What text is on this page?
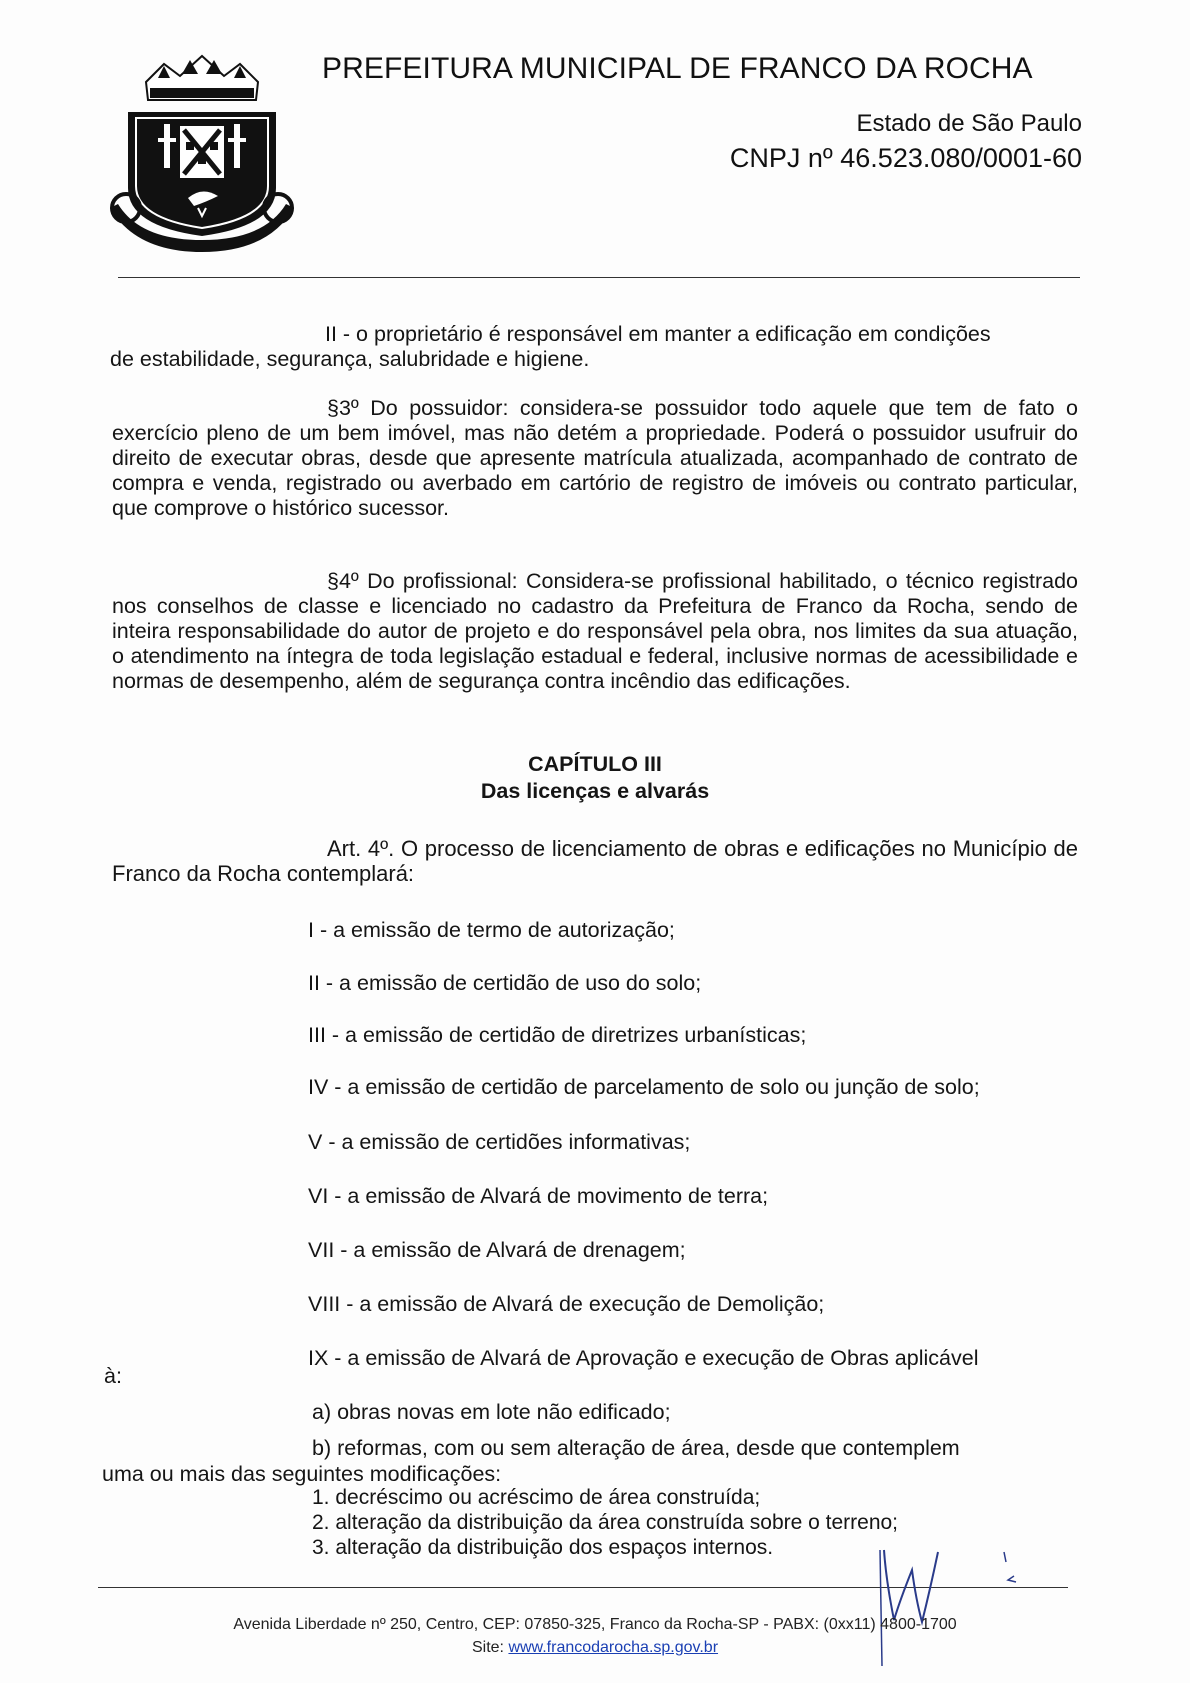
PREFEITURA MUNICIPAL DE FRANCO DA ROCHA
Estado de São Paulo
CNPJ nº 46.523.080/0001-60
II - o proprietário é responsável em manter a edificação em condições
de estabilidade, segurança, salubridade e higiene.
§3º Do possuidor: considera-se possuidor todo aquele que tem de fato o exercício pleno de um bem imóvel, mas não detém a propriedade. Poderá o possuidor usufruir do direito de executar obras, desde que apresente matrícula atualizada, acompanhado de contrato de compra e venda, registrado ou averbado em cartório de registro de imóveis ou contrato particular, que comprove o histórico sucessor.
§4º Do profissional: Considera-se profissional habilitado, o técnico registrado nos conselhos de classe e licenciado no cadastro da Prefeitura de Franco da Rocha, sendo de inteira responsabilidade do autor de projeto e do responsável pela obra, nos limites da sua atuação, o atendimento na íntegra de toda legislação estadual e federal, inclusive normas de acessibilidade e normas de desempenho, além de segurança contra incêndio das edificações.
CAPÍTULO III
Das licenças e alvarás
Art. 4º. O processo de licenciamento de obras e edificações no Município de Franco da Rocha contemplará:
I - a emissão de termo de autorização;
II - a emissão de certidão de uso do solo;
III - a emissão de certidão de diretrizes urbanísticas;
IV - a emissão de certidão de parcelamento de solo ou junção de solo;
V - a emissão de certidões informativas;
VI - a emissão de Alvará de movimento de terra;
VII - a emissão de Alvará de drenagem;
VIII - a emissão de Alvará de execução de Demolição;
IX - a emissão de Alvará de Aprovação e execução de Obras aplicável
à:
a) obras novas em lote não edificado;
b) reformas, com ou sem alteração de área, desde que contemplem
uma ou mais das seguintes modificações:
1. decréscimo ou acréscimo de área construída;
2. alteração da distribuição da área construída sobre o terreno;
3. alteração da distribuição dos espaços internos.
Avenida Liberdade nº 250, Centro, CEP: 07850-325, Franco da Rocha-SP - PABX: (0xx11) 4800-1700
Site: www.francodarocha.sp.gov.br
